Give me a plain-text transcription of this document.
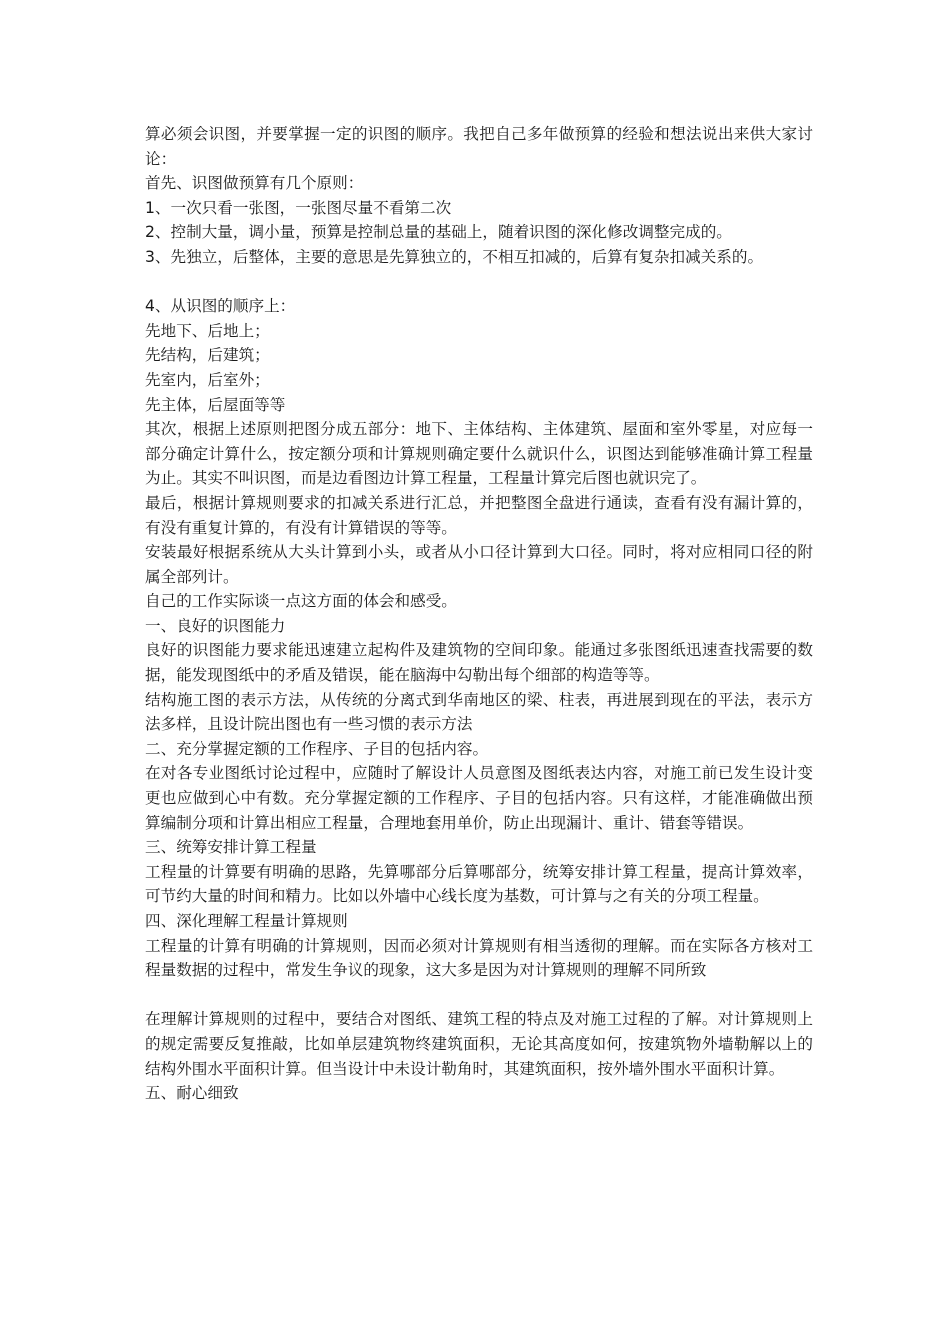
算必须会识图，并要掌握一定的识图的顺序。我把自己多年做预算的经验和想法说出来供大家讨论：
首先、识图做预算有几个原则：
1、一次只看一张图，一张图尽量不看第二次
2、控制大量，调小量，预算是控制总量的基础上，随着识图的深化修改调整完成的。
3、先独立，后整体，主要的意思是先算独立的，不相互扣减的，后算有复杂扣减关系的。
4、从识图的顺序上：
先地下、后地上；
先结构，后建筑；
先室内，后室外；
先主体，后屋面等等
其次，根据上述原则把图分成五部分：地下、主体结构、主体建筑、屋面和室外零星，对应每一部分确定计算什么，按定额分项和计算规则确定要什么就识什么，识图达到能够准确计算工程量为止。其实不叫识图，而是边看图边计算工程量，工程量计算完后图也就识完了。
最后，根据计算规则要求的扣减关系进行汇总，并把整图全盘进行通读，查看有没有漏计算的，有没有重复计算的，有没有计算错误的等等。
安装最好根据系统从大头计算到小头，或者从小口径计算到大口径。同时，将对应相同口径的附属全部列计。
自己的工作实际谈一点这方面的体会和感受。
一、良好的识图能力
良好的识图能力要求能迅速建立起构件及建筑物的空间印象。能通过多张图纸迅速查找需要的数据，能发现图纸中的矛盾及错误，能在脑海中勾勒出每个细部的构造等等。
结构施工图的表示方法，从传统的分离式到华南地区的梁、柱表，再进展到现在的平法，表示方法多样，且设计院出图也有一些习惯的表示方法
二、充分掌握定额的工作程序、子目的包括内容。
在对各专业图纸讨论过程中，应随时了解设计人员意图及图纸表达内容，对施工前已发生设计变更也应做到心中有数。充分掌握定额的工作程序、子目的包括内容。只有这样，才能准确做出预算编制分项和计算出相应工程量，合理地套用单价，防止出现漏计、重计、错套等错误。
三、统筹安排计算工程量
工程量的计算要有明确的思路，先算哪部分后算哪部分，统筹安排计算工程量，提高计算效率，可节约大量的时间和精力。比如以外墙中心线长度为基数，可计算与之有关的分项工程量。
四、深化理解工程量计算规则
工程量的计算有明确的计算规则，因而必须对计算规则有相当透彻的理解。而在实际各方核对工程量数据的过程中，常发生争议的现象，这大多是因为对计算规则的理解不同所致
在理解计算规则的过程中，要结合对图纸、建筑工程的特点及对施工过程的了解。对计算规则上的规定需要反复推敲，比如单层建筑物终建筑面积，无论其高度如何，按建筑物外墙勒解以上的结构外围水平面积计算。但当设计中未设计勒角时，其建筑面积，按外墙外围水平面积计算。
五、耐心细致
